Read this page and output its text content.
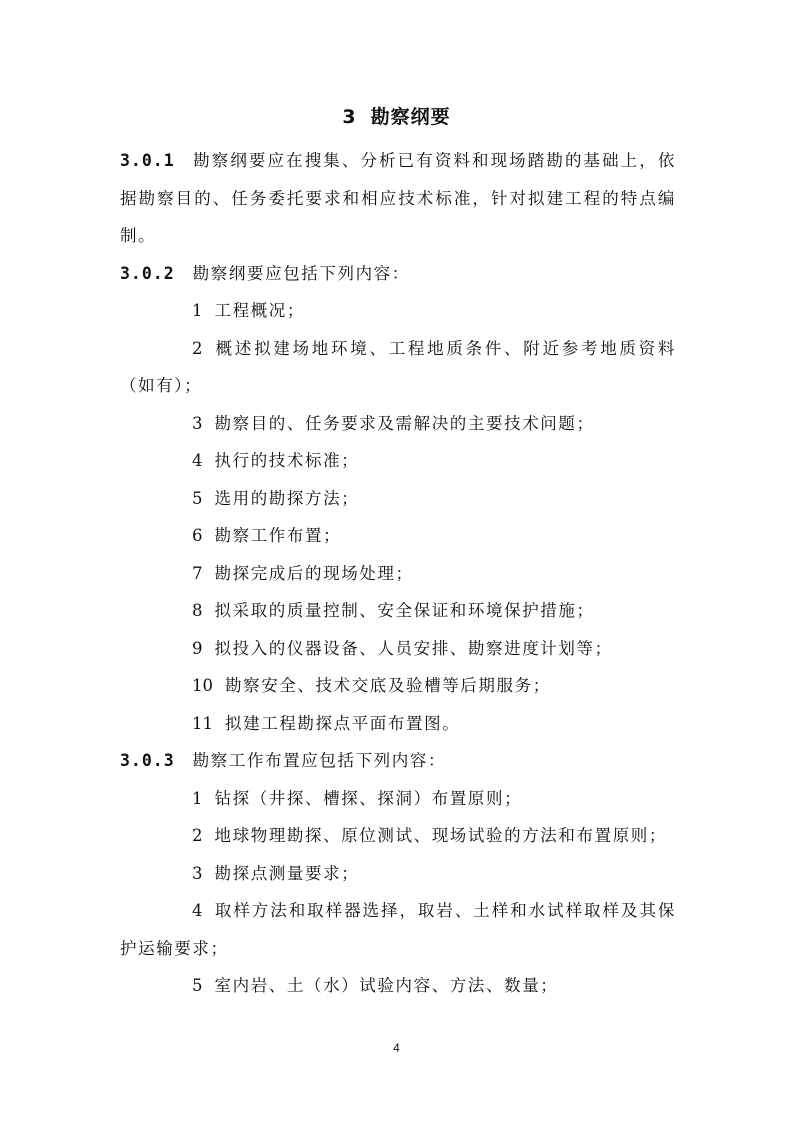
3 勘察纲要

3.0.1 勘察纲要应在搜集、分析已有资料和现场踏勘的基础上，依据勘察目的、任务委托要求和相应技术标准，针对拟建工程的特点编制。

3.0.2 勘察纲要应包括下列内容：

1 工程概况；

2 概述拟建场地环境、工程地质条件、附近参考地质资料（如有）；

3 勘察目的、任务要求及需解决的主要技术问题；

4 执行的技术标准；

5 选用的勘探方法；

6 勘察工作布置；

7 勘探完成后的现场处理；

8 拟采取的质量控制、安全保证和环境保护措施；

9 拟投入的仪器设备、人员安排、勘察进度计划等；

10 勘察安全、技术交底及验槽等后期服务；

11 拟建工程勘探点平面布置图。

3.0.3 勘察工作布置应包括下列内容：

1 钻探（井探、槽探、探洞）布置原则；

2 地球物理勘探、原位测试、现场试验的方法和布置原则；

3 勘探点测量要求；

4 取样方法和取样器选择，取岩、土样和水试样取样及其保护运输要求；

5 室内岩、土（水）试验内容、方法、数量；

4
